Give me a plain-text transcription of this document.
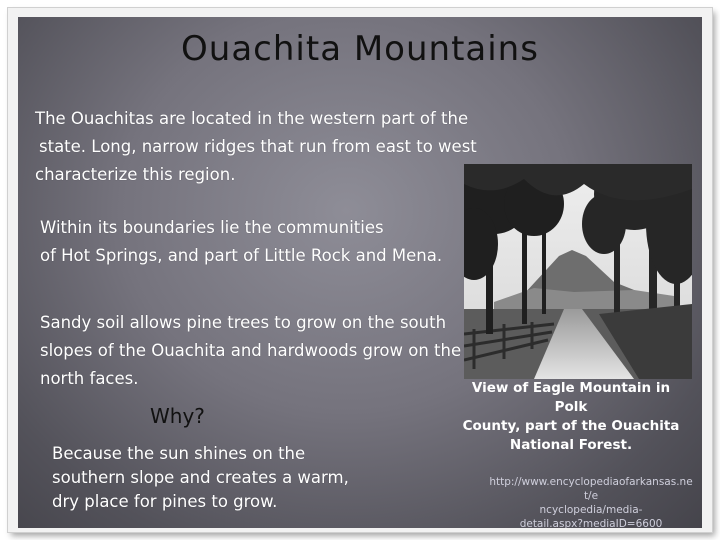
Ouachita Mountains
The Ouachitas are located in the western part of the
state. Long, narrow ridges that run from east to west
characterize this region.
Within its boundaries lie the communities
of Hot Springs, and part of Little Rock and Mena.
Sandy soil allows pine trees to grow on the south
slopes of the Ouachita and hardwoods grow on the
north faces.
Why?
Because the sun shines on the
southern slope and creates a warm,
dry place for pines to grow.
View of Eagle Mountain in Polk
County, part of the Ouachita
National Forest.
http://www.encyclopediaofarkansas.net/e
ncyclopedia/media-
detail.aspx?mediaID=6600
